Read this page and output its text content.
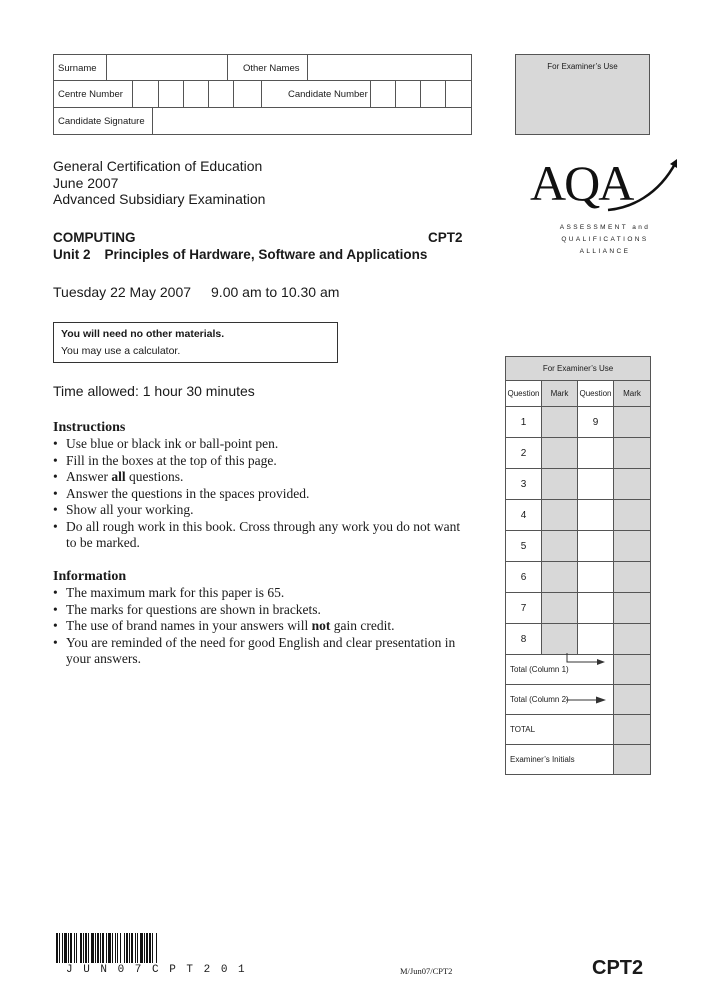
Surname	Other Names
Centre Number	Candidate Number
Candidate Signature
For Examiner’s Use
General Certification of Education
June 2007
Advanced Subsidiary Examination	AQA
ASSESSMENT and
QUALIFICATIONS
ALLIANCE
COMPUTING	CPT2
Unit 2 Principles of Hardware, Software and Applications
Tuesday 22 May 2007 9.00 am to 10.30 am
You will need no other materials.
You may use a calculator.
Time allowed: 1 hour 30 minutes
Instructions
• Use blue or black ink or ball-point pen.
• Fill in the boxes at the top of this page.
• Answer all questions.
• Answer the questions in the spaces provided.
• Show all your working.
• Do all rough work in this book. Cross through any work you do not want to be marked.
Information
• The maximum mark for this paper is 65.
• The marks for questions are shown in brackets.
• The use of brand names in your answers will not gain credit.
• You are reminded of the need for good English and clear presentation in your answers.
For Examiner’s Use			
Question	Mark	Question	Mark
1		9	
2			
3			
4			
5			
6			
7			
8			

Total (Column 1)			

Total (Column 2)			

TOTAL			
Examiner’s Initials			
J U N 0 7 C P T 2 0 1	M/Jun07/CPT2	CPT2
